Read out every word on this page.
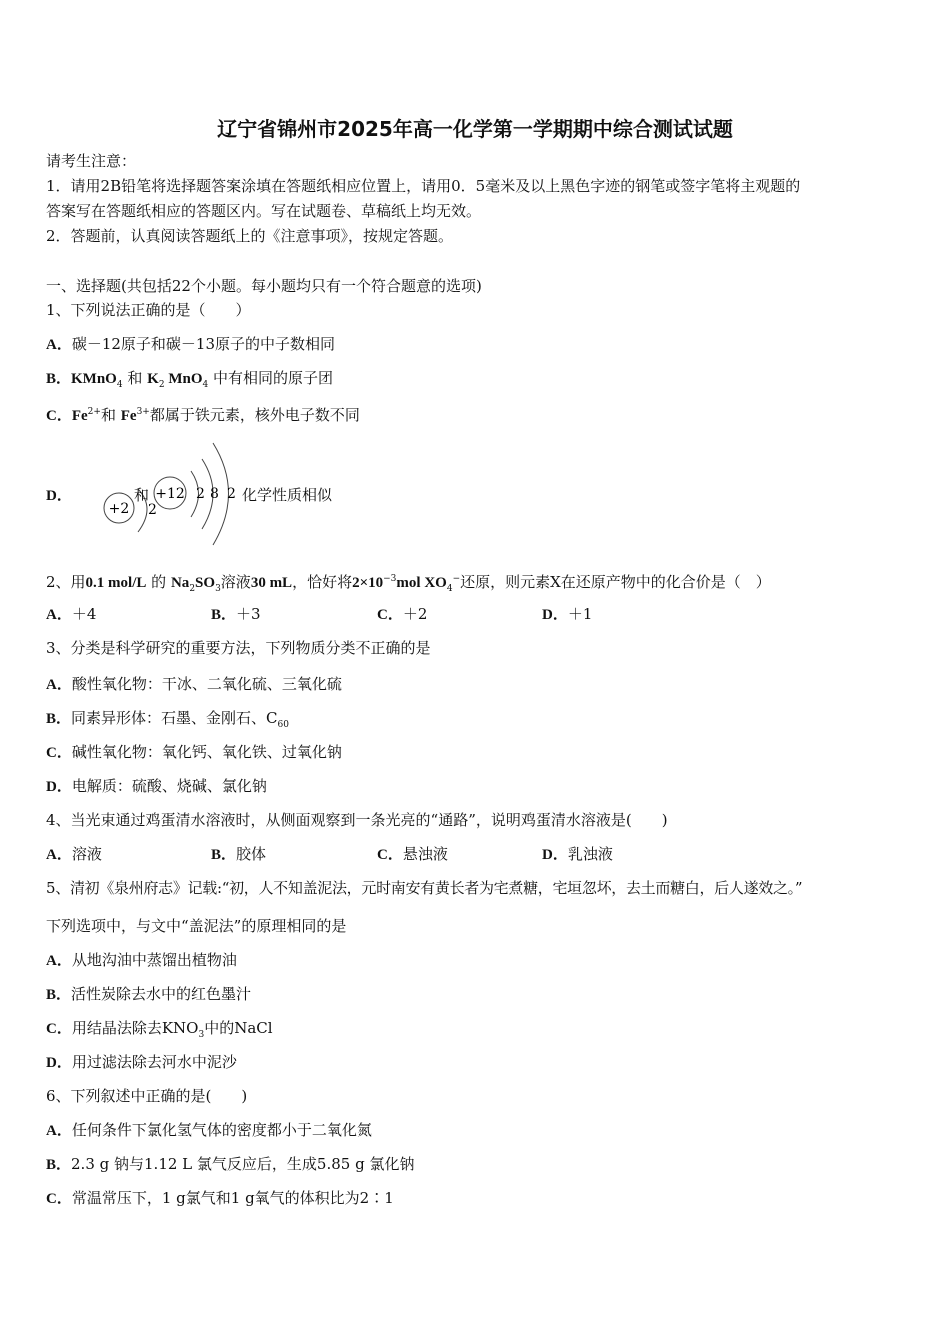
辽宁省锦州市2025年高一化学第一学期期中综合测试试题
请考生注意：
1．请用2B铅笔将选择题答案涂填在答题纸相应位置上，请用0．5毫米及以上黑色字迹的钢笔或签字笔将主观题的
答案写在答题纸相应的答题区内。写在试题卷、草稿纸上均无效。
2．答题前，认真阅读答题纸上的《注意事项》，按规定答题。
一、选择题(共包括22个小题。每小题均只有一个符合题意的选项)
1、下列说法正确的是（　　）
A．碳－12原子和碳－13原子的中子数相同
B．KMnO$_4$ 和 $K_2$ MnO$_4$ 中有相同的原子团
C．$Fe^{2+}$和 $Fe^{3+}$都属于铁元素，核外电子数不同
D．
+2 2
和 +12 2 8 2 化学性质相似
2、用0.1 mol/L 的 $Na_2SO_3$溶液30 mL，恰好将$2\times 10^{-3}mol$ $XO_4^-$还原，则元素X在还原产物中的化合价是（　）
A．＋4	B．＋3	C．＋2	D．＋1
3、分类是科学研究的重要方法，下列物质分类不正确的是
A．酸性氧化物：干冰、二氧化硫、三氧化硫
B．同素异形体：石墨、金刚石、$C_{60}$
C．碱性氧化物：氧化钙、氧化铁、过氧化钠
D．电解质：硫酸、烧碱、氯化钠
4、当光束通过鸡蛋清水溶液时，从侧面观察到一条光亮的“通路”，说明鸡蛋清水溶液是(　　)
A．溶液	B．胶体	C．悬浊液	D．乳浊液
5、清初《泉州府志》记载:“初，人不知盖泥法，元时南安有黄长者为宅煮糖，宅垣忽坏，去土而糖白，后人遂效之。”
下列选项中，与文中“盖泥法”的原理相同的是
A．从地沟油中蒸馏出植物油
B．活性炭除去水中的红色墨汁
C．用结晶法除去$KNO_3$中的NaCl
D．用过滤法除去河水中泥沙
6、下列叙述中正确的是(　　)
A．任何条件下氯化氢气体的密度都小于二氧化氮
B．2.3 g 钠与1.12 L 氯气反应后，生成5.85 g 氯化钠
C．常温常压下，1 g氯气和1 g氧气的体积比为2∶1
